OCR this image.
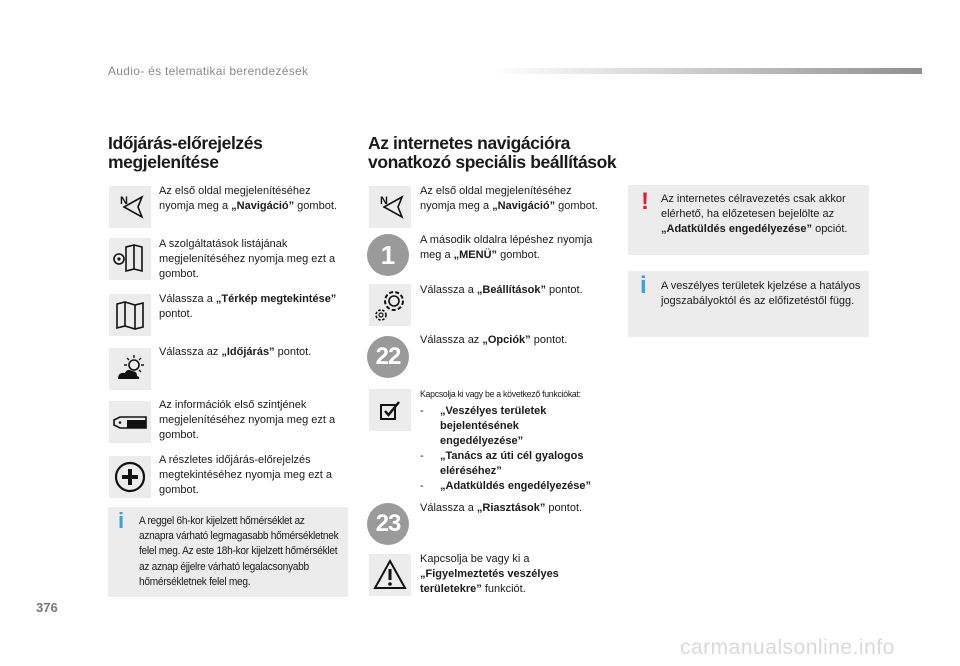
Audio- és telematikai berendezések
Időjárás-előrejelzés
megjelenítése
N
Az első oldal megjelenítéséhez nyomja meg a „Navigáció” gombot.
A szolgáltatások listájának megjelenítéséhez nyomja meg ezt a gombot.
Válassza a „Térkép megtekintése” pontot.
Válassza az „Időjárás” pontot.
Az információk első szintjének megjelenítéséhez nyomja meg ezt a gombot.
A részletes időjárás-előrejelzés megtekintéséhez nyomja meg ezt a gombot.
i A reggel 6h-kor kijelzett hőmérséklet az aznapra várható legmagasabb hőmérsékletnek felel meg. Az este 18h-kor kijelzett hőmérséklet az aznap éjjelre várható legalacsonyabb hőmérsékletnek felel meg.
Az internetes navigációra
vonatkozó speciális beállítások
N
Az első oldal megjelenítéséhez nyomja meg a „Navigáció” gombot.
1	A második oldalra lépéshez nyomja meg a „MENÜ” gombot.
Válassza a „Beállítások” pontot.
22
Válassza az „Opciók” pontot.
Kapcsolja ki vagy be a következő funkciókat:
- „Veszélyes területek bejelentésének engedélyezése”
- „Tanács az úti cél gyalogos eléréséhez”
- „Adatküldés engedélyezése”
23
Válassza a „Riasztások” pontot.
Kapcsolja be vagy ki a „Figyelmeztetés veszélyes területekre” funkciót.
! Az internetes célravezetés csak akkor elérhető, ha előzetesen bejelölte az „Adatküldés engedélyezése” opciót.
i A veszélyes területek kjelzése a hatályos jogszabályoktól és az előfizetéstől függ.
376
carmanualsonline.info
